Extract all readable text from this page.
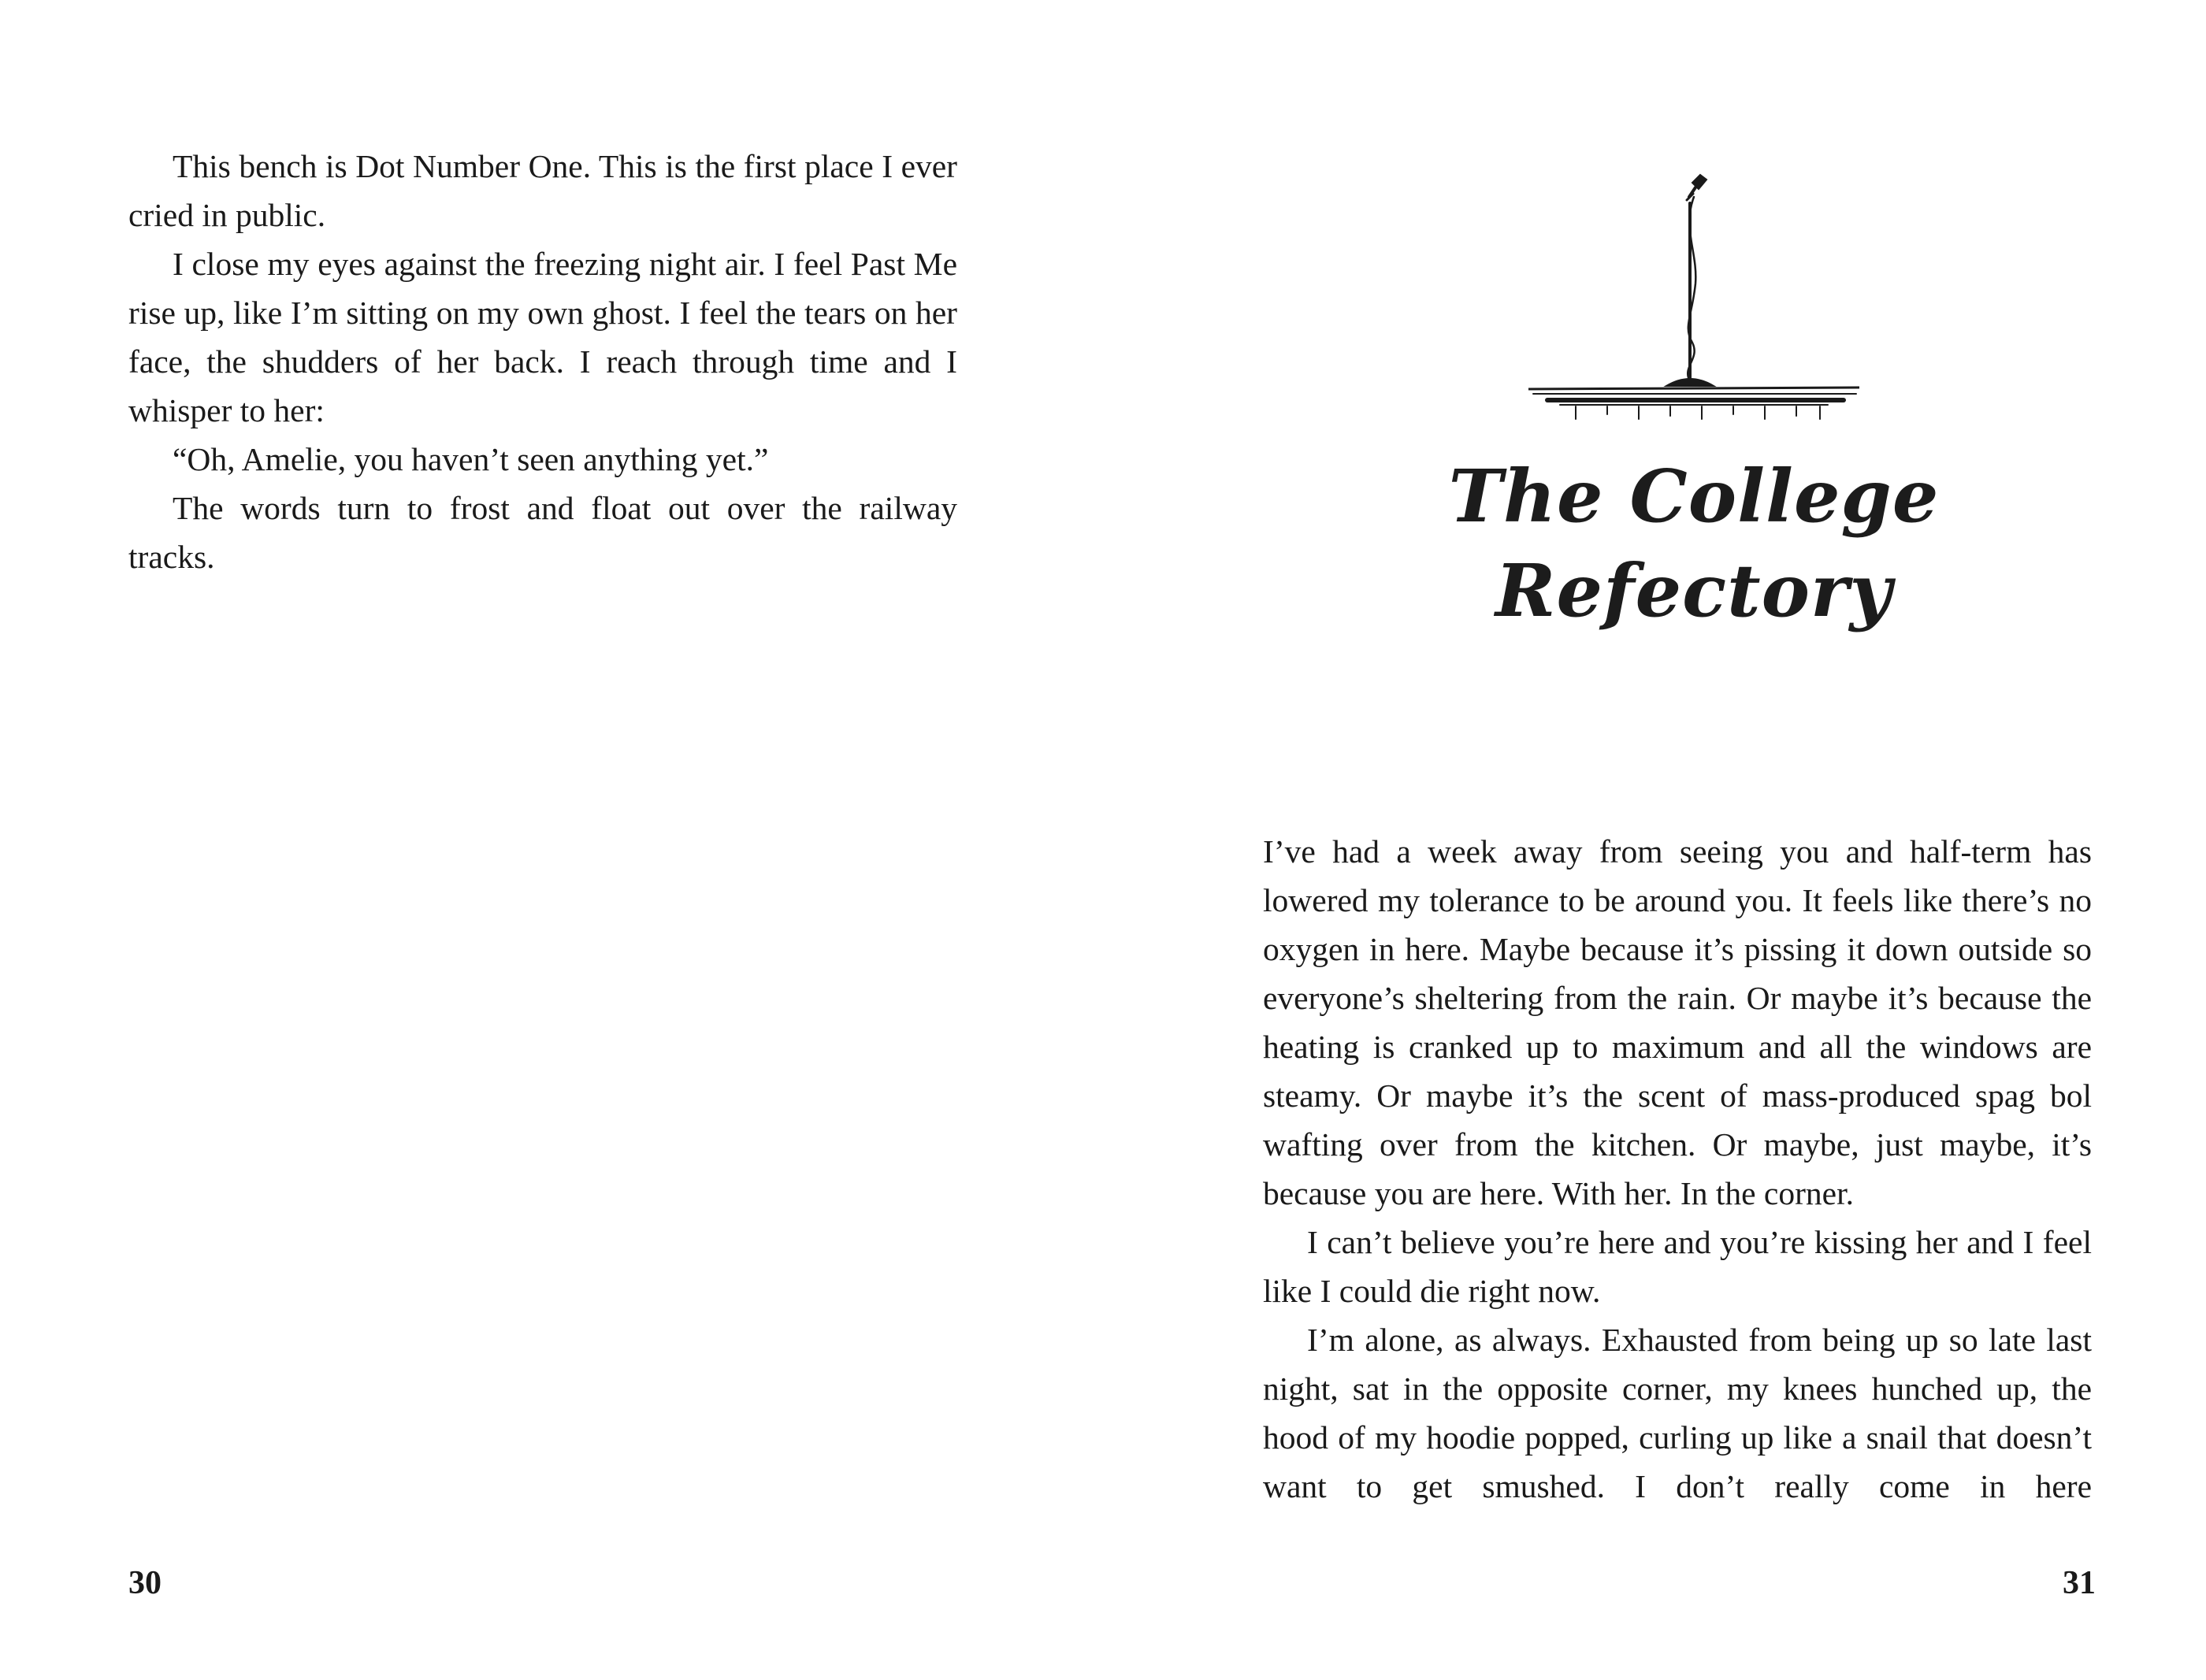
This bench is Dot Number One. This is the first place I ever cried in public.

I close my eyes against the freezing night air. I feel Past Me rise up, like I’m sitting on my own ghost. I feel the tears on her face, the shudders of her back. I reach through time and I whisper to her:

“Oh, Amelie, you haven’t seen anything yet.”

The words turn to frost and float out over the railway tracks.

30
The College Refectory

I’ve had a week away from seeing you and half-term has lowered my tolerance to be around you. It feels like there’s no oxygen in here. Maybe because it’s pissing it down outside so everyone’s sheltering from the rain. Or maybe it’s because the heating is cranked up to maximum and all the windows are steamy. Or maybe it’s the scent of mass-produced spag bol wafting over from the kitchen. Or maybe, just maybe, it’s because you are here. With her. In the corner.

I can’t believe you’re here and you’re kissing her and I feel like I could die right now.

I’m alone, as always. Exhausted from being up so late last night, sat in the opposite corner, my knees hunched up, the hood of my hoodie popped, curling up like a snail that doesn’t want to get smushed. I don’t really come in here

31
